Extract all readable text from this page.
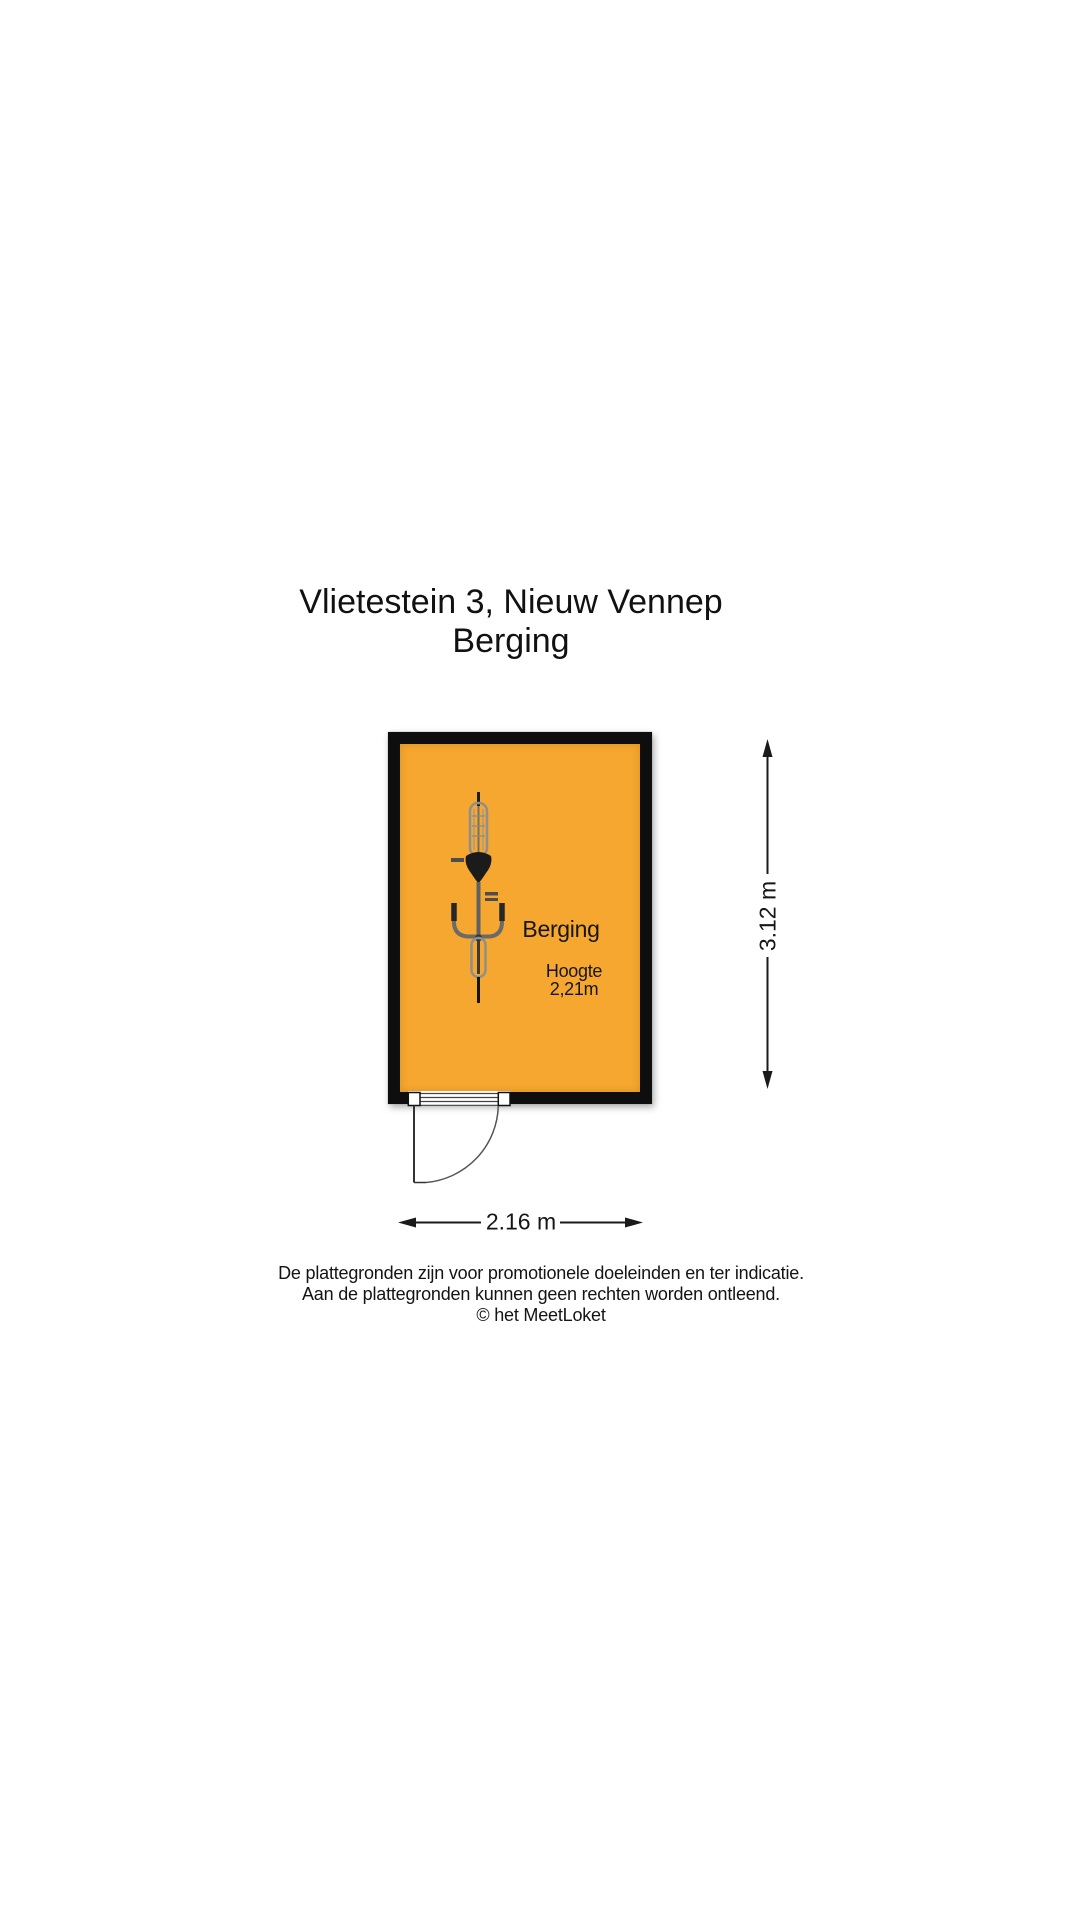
Vlietestein 3, Nieuw Vennep
Berging
Berging
Hoogte
2,21m
2.16 m
3.12 m
De plattegronden zijn voor promotionele doeleinden en ter indicatie.
Aan de plattegronden kunnen geen rechten worden ontleend.
© het MeetLoket
